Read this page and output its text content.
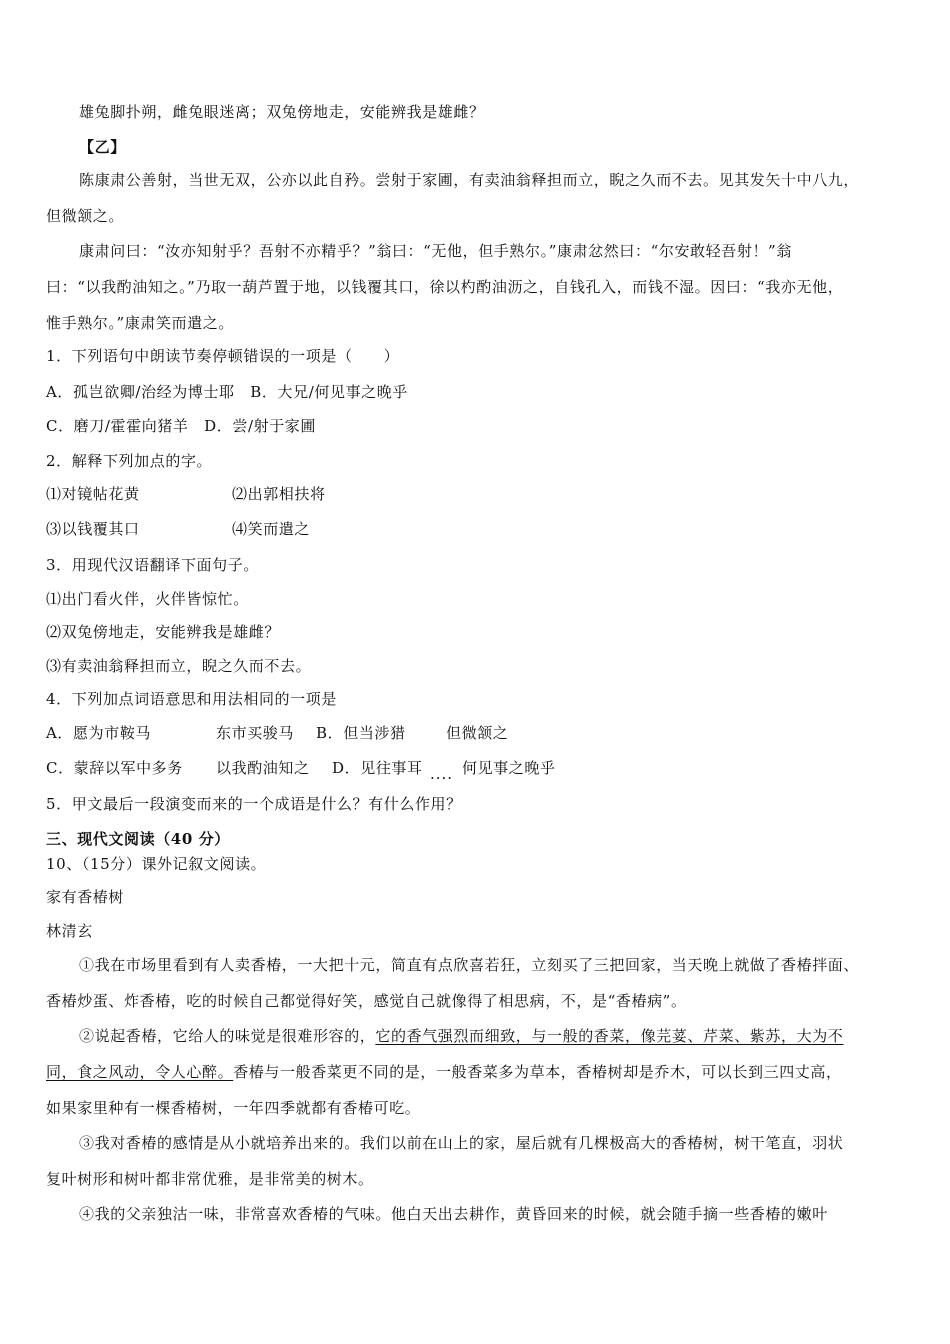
雄兔脚扑朔，雌兔眼迷离；双兔傍地走，安能辨我是雄雌？
【乙】
陈康肃公善射，当世无双，公亦以此自矜。尝射于家圃，有卖油翁释担而立，睨之久而不去。见其发矢十中八九，
但微颔之。
康肃问曰：“汝亦知射乎？吾射不亦精乎？”翁曰：“无他，但手熟尔。”康肃忿然曰：“尔安敢轻吾射！”翁
曰：“以我酌油知之。”乃取一葫芦置于地，以钱覆其口，徐以杓酌油沥之，自钱孔入，而钱不湿。因曰：“我亦无他，
惟手熟尔。”康肃笑而遣之。
1．下列语句中朗读节奏停顿错误的一项是（　　）
A．孤岂欲卿/治经为博士耶　B．大兄/何见事之晚乎
C．磨刀/霍霍向猪羊　D．尝/射于家圃
2．解释下列加点的字。
⑴对镜帖花黄	⑵出郭相扶将
⑶以钱覆其口	⑷笑而遣之
3．用现代汉语翻译下面句子。
⑴出门看火伴，火伴皆惊忙。
⑵双兔傍地走，安能辨我是雄雌？
⑶有卖油翁释担而立，睨之久而不去。
4．下列加点词语意思和用法相同的一项是
A．愿为市鞍马	东市买骏马 B．但当涉猎	但微颔之
C．蒙辞以军中多务 以我酌油知之 D．见往事耳 .... 何见事之晚乎
5．甲文最后一段演变而来的一个成语是什么？有什么作用？
三、现代文阅读（40 分）
10、（15分）课外记叙文阅读。
家有香椿树
林清玄
①我在市场里看到有人卖香椿，一大把十元，简直有点欣喜若狂，立刻买了三把回家，当天晚上就做了香椿拌面、
香椿炒蛋、炸香椿，吃的时候自己都觉得好笑，感觉自己就像得了相思病，不，是“香椿病”。
②说起香椿，它给人的味觉是很难形容的，它的香气强烈而细致，与一般的香菜，像芫荽、芹菜、紫苏，大为不
同，食之风动，令人心醉。香椿与一般香菜更不同的是，一般香菜多为草本，香椿树却是乔木，可以长到三四丈高，
如果家里种有一棵香椿树，一年四季就都有香椿可吃。
③我对香椿的感情是从小就培养出来的。我们以前在山上的家，屋后就有几棵极高大的香椿树，树干笔直，羽状
复叶树形和树叶都非常优雅，是非常美的树木。
④我的父亲独沽一味，非常喜欢香椿的气味。他白天出去耕作，黄昏回来的时候，就会随手摘一些香椿的嫩叶
